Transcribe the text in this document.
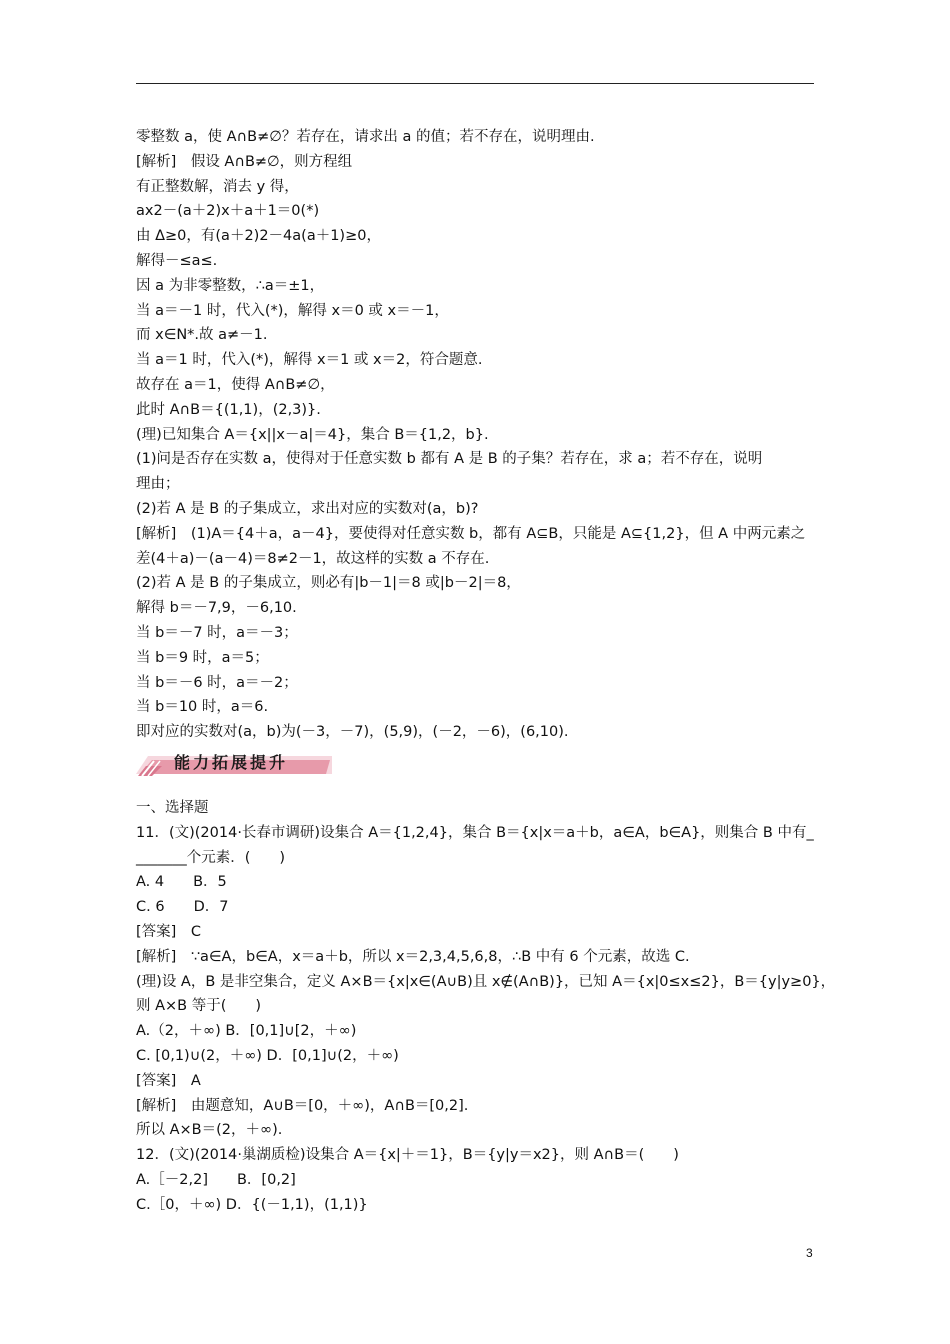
零整数 a，使 A∩B≠∅？若存在，请求出 a 的值；若不存在，说明理由.
[解析]　假设 A∩B≠∅，则方程组
有正整数解，消去 y 得，
ax2－(a＋2)x＋a＋1＝0(*)
由 Δ≥0，有(a＋2)2－4a(a＋1)≥0，
解得－≤a≤.
因 a 为非零整数，∴a＝±1，
当 a＝－1 时，代入(*)，解得 x＝0 或 x＝－1，
而 x∈N*.故 a≠－1.
当 a＝1 时，代入(*)，解得 x＝1 或 x＝2，符合题意.
故存在 a＝1，使得 A∩B≠∅，
此时 A∩B＝{(1,1)，(2,3)}.
(理)已知集合 A＝{x||x－a|＝4}，集合 B＝{1,2，b}.
(1)问是否存在实数 a，使得对于任意实数 b 都有 A 是 B 的子集？若存在，求 a；若不存在，说明
理由；
(2)若 A 是 B 的子集成立，求出对应的实数对(a，b)?
[解析]　(1)A＝{4＋a，a－4}，要使得对任意实数 b，都有 A⊆B，只能是 A⊆{1,2}，但 A 中两元素之
差(4＋a)－(a－4)＝8≠2－1，故这样的实数 a 不存在.
(2)若 A 是 B 的子集成立，则必有|b－1|＝8 或|b－2|＝8，
解得 b＝－7,9，－6,10.
当 b＝－7 时，a＝－3；
当 b＝9 时，a＝5；
当 b＝－6 时，a＝－2；
当 b＝10 时，a＝6.
即对应的实数对(a，b)为(－3，－7)，(5,9)，(－2，－6)，(6,10).
能力拓展提升
一、选择题
11．(文)(2014·长春市调研)设集合 A＝{1,2,4}，集合 B＝{x|x＝a＋b，a∈A，b∈A}，则集合 B 中有_
_______个元素．(　　)
A. 4　　B．5
C. 6　　D．7
[答案]　C
[解析]　∵a∈A，b∈A，x＝a＋b，所以 x＝2,3,4,5,6,8，∴B 中有 6 个元素，故选 C.
(理)设 A，B 是非空集合，定义 A×B＝{x|x∈(A∪B)且 x∉(A∩B)}，已知 A＝{x|0≤x≤2}，B＝{y|y≥0}，
则 A×B 等于(　　)
A.（2，＋∞) B．[0,1]∪[2，＋∞)
C. [0,1)∪(2，＋∞) D．[0,1]∪(2，＋∞)
[答案]　A
[解析]　由题意知，A∪B＝[0，＋∞)，A∩B＝[0,2].
所以 A×B＝(2，＋∞).
12．(文)(2014·巢湖质检)设集合 A＝{x|＋＝1}，B＝{y|y＝x2}，则 A∩B＝(　　)
A.［－2,2]　　B．[0,2]
C.［0，＋∞) D．{(－1,1)，(1,1)}
3
